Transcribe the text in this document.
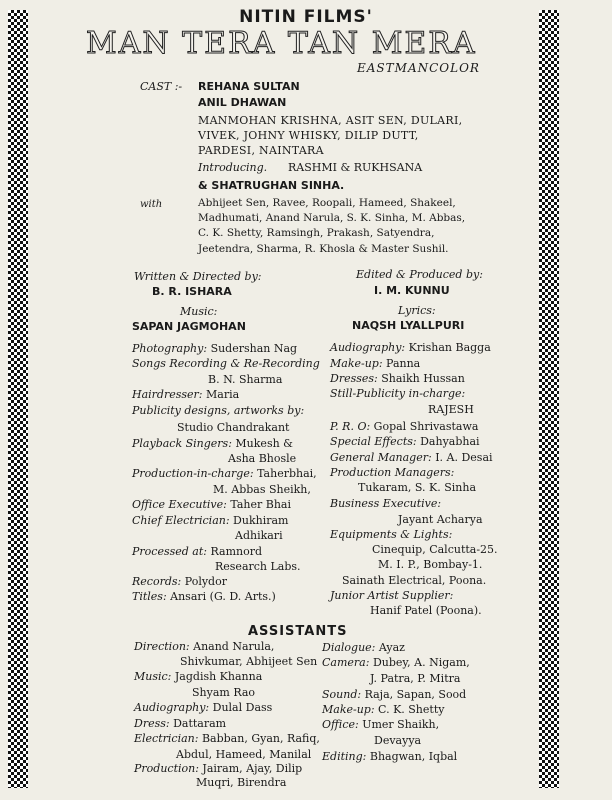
NITIN FILMS'
MAN TERA TAN MERA
EASTMANCOLOR
CAST :- REHANA SULTAN
ANIL DHAWAN
MANMOHAN KRISHNA, ASIT SEN, DULARI,
VIVEK, JOHNY WHISKY, DILIP DUTT,
PARDESI, NAINTARA
Introducing. RASHMI & RUKHSANA
& SHATRUGHAN SINHA.
with	Abhijeet Sen, Ravee, Roopali, Hameed, Shakeel,
Madhumati, Anand Narula, S. K. Sinha, M. Abbas,
C. K. Shetty, Ramsingh, Prakash, Satyendra,
Jeetendra, Sharma, R. Khosla & Master Sushil.
Written & Directed by:
B. R. ISHARA
Edited & Produced by:
I. M. KUNNU
Music:
SAPAN JAGMOHAN
Lyrics:
NAQSH LYALLPURI
Photography: Sudershan Nag
Songs Recording & Re-Recording
B. N. Sharma
Hairdresser: Maria
Publicity designs, artworks by:
Studio Chandrakant
Playback Singers: Mukesh &
Asha Bhosle
Production-in-charge: Taherbhai,
M. Abbas Sheikh,
Office Executive: Taher Bhai
Chief Electrician: Dukhiram
Adhikari
Processed at: Ramnord
Research Labs.
Records: Polydor
Titles: Ansari (G. D. Arts.)
Audiography: Krishan Bagga
Make-up: Panna
Dresses: Shaikh Hussan
Still-Publicity in-charge:
RAJESH
P. R. O: Gopal Shrivastawa
Special Effects: Dahyabhai
General Manager: I. A. Desai
Production Managers:
Tukaram, S. K. Sinha
Business Executive:
Jayant Acharya
Equipments & Lights:
Cinequip, Calcutta-25.
M. I. P., Bombay-1.
Sainath Electrical, Poona.
Junior Artist Supplier:
Hanif Patel (Poona).
ASSISTANTS
Direction: Anand Narula,
Shivkumar, Abhijeet Sen
Music: Jagdish Khanna
Shyam Rao
Audiography: Dulal Dass
Dress: Dattaram
Electrician: Babban, Gyan, Rafiq,
Abdul, Hameed, Manilal
Production: Jairam, Ajay, Dilip
Muqri, Birendra
Dialogue: Ayaz
Camera: Dubey, A. Nigam,
J. Patra, P. Mitra
Sound: Raja, Sapan, Sood
Make-up: C. K. Shetty
Office: Umer Shaikh,
Devayya
Editing: Bhagwan, Iqbal
